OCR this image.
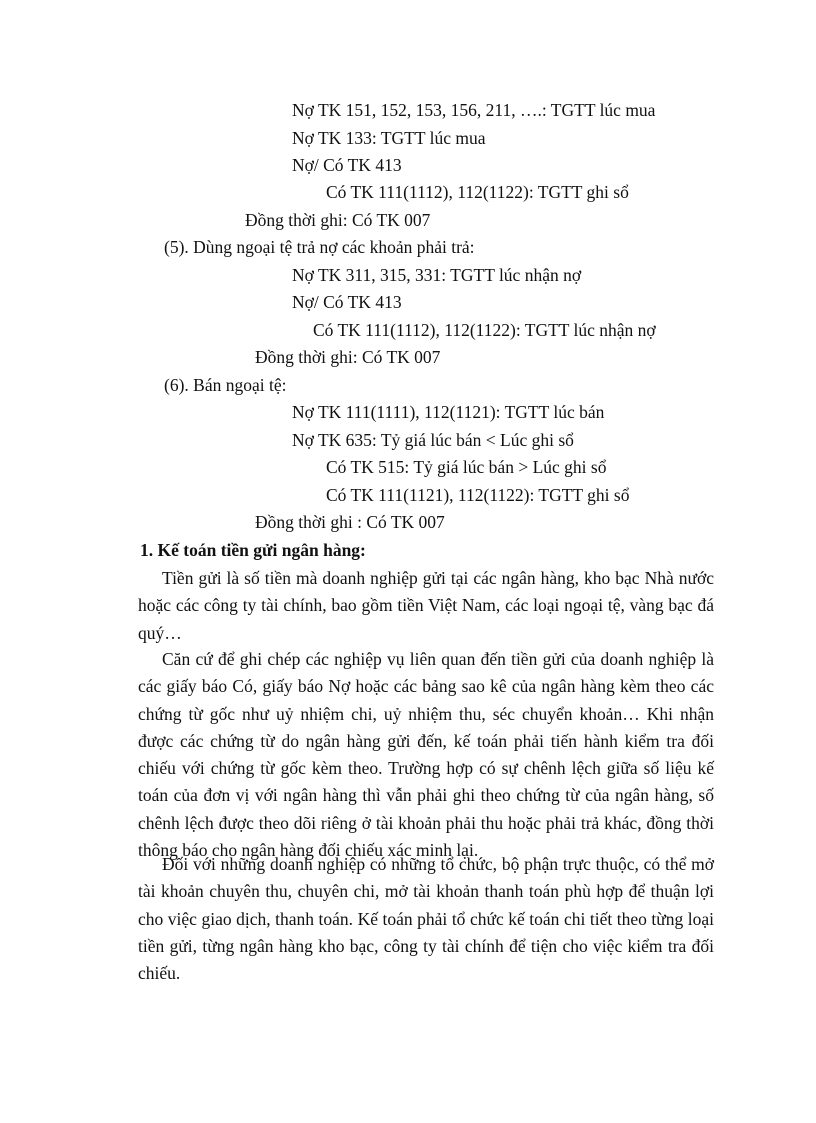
Nợ TK 151, 152, 153, 156, 211, ….: TGTT lúc mua
Nợ TK 133: TGTT lúc mua
Nợ/ Có TK 413
Có TK 111(1112), 112(1122): TGTT ghi sổ
Đồng thời ghi: Có TK 007
(5). Dùng ngoại tệ trả nợ các khoản phải trả:
Nợ TK 311, 315, 331: TGTT lúc nhận nợ
Nợ/ Có TK 413
Có TK 111(1112), 112(1122): TGTT lúc nhận nợ
Đồng thời ghi: Có TK 007
(6). Bán ngoại tệ:
Nợ TK 111(1111), 112(1121): TGTT lúc bán
Nợ TK 635: Tỷ giá lúc bán < Lúc ghi sổ
Có TK 515: Tỷ giá lúc bán > Lúc ghi sổ
Có TK 111(1121), 112(1122): TGTT ghi sổ
Đồng thời ghi : Có TK 007
1. Kế toán tiền gửi ngân hàng:

Tiền gửi là số tiền mà doanh nghiệp gửi tại các ngân hàng, kho bạc Nhà nước hoặc các công ty tài chính, bao gồm tiền Việt Nam, các loại ngoại tệ, vàng bạc đá quý…

Căn cứ để ghi chép các nghiệp vụ liên quan đến tiền gửi của doanh nghiệp là các giấy báo Có, giấy báo Nợ hoặc các bảng sao kê của ngân hàng kèm theo các chứng từ gốc như uỷ nhiệm chi, uỷ nhiệm thu, séc chuyển khoản… Khi nhận được các chứng từ do ngân hàng gửi đến, kế toán phải tiến hành kiểm tra đối chiếu với chứng từ gốc kèm theo. Trường hợp có sự chênh lệch giữa số liệu kế toán của đơn vị với ngân hàng thì vẫn phải ghi theo chứng từ của ngân hàng, số chênh lệch được theo dõi riêng ở tài khoản phải thu hoặc phải trả khác, đồng thời thông báo cho ngân hàng đối chiếu xác minh lại.

Đối với những doanh nghiệp có những tổ chức, bộ phận trực thuộc, có thể mở tài khoản chuyên thu, chuyên chi, mở tài khoản thanh toán phù hợp để thuận lợi cho việc giao dịch, thanh toán. Kế toán phải tổ chức kế toán chi tiết theo từng loại tiền gửi, từng ngân hàng kho bạc, công ty tài chính để tiện cho việc kiểm tra đối chiếu.
